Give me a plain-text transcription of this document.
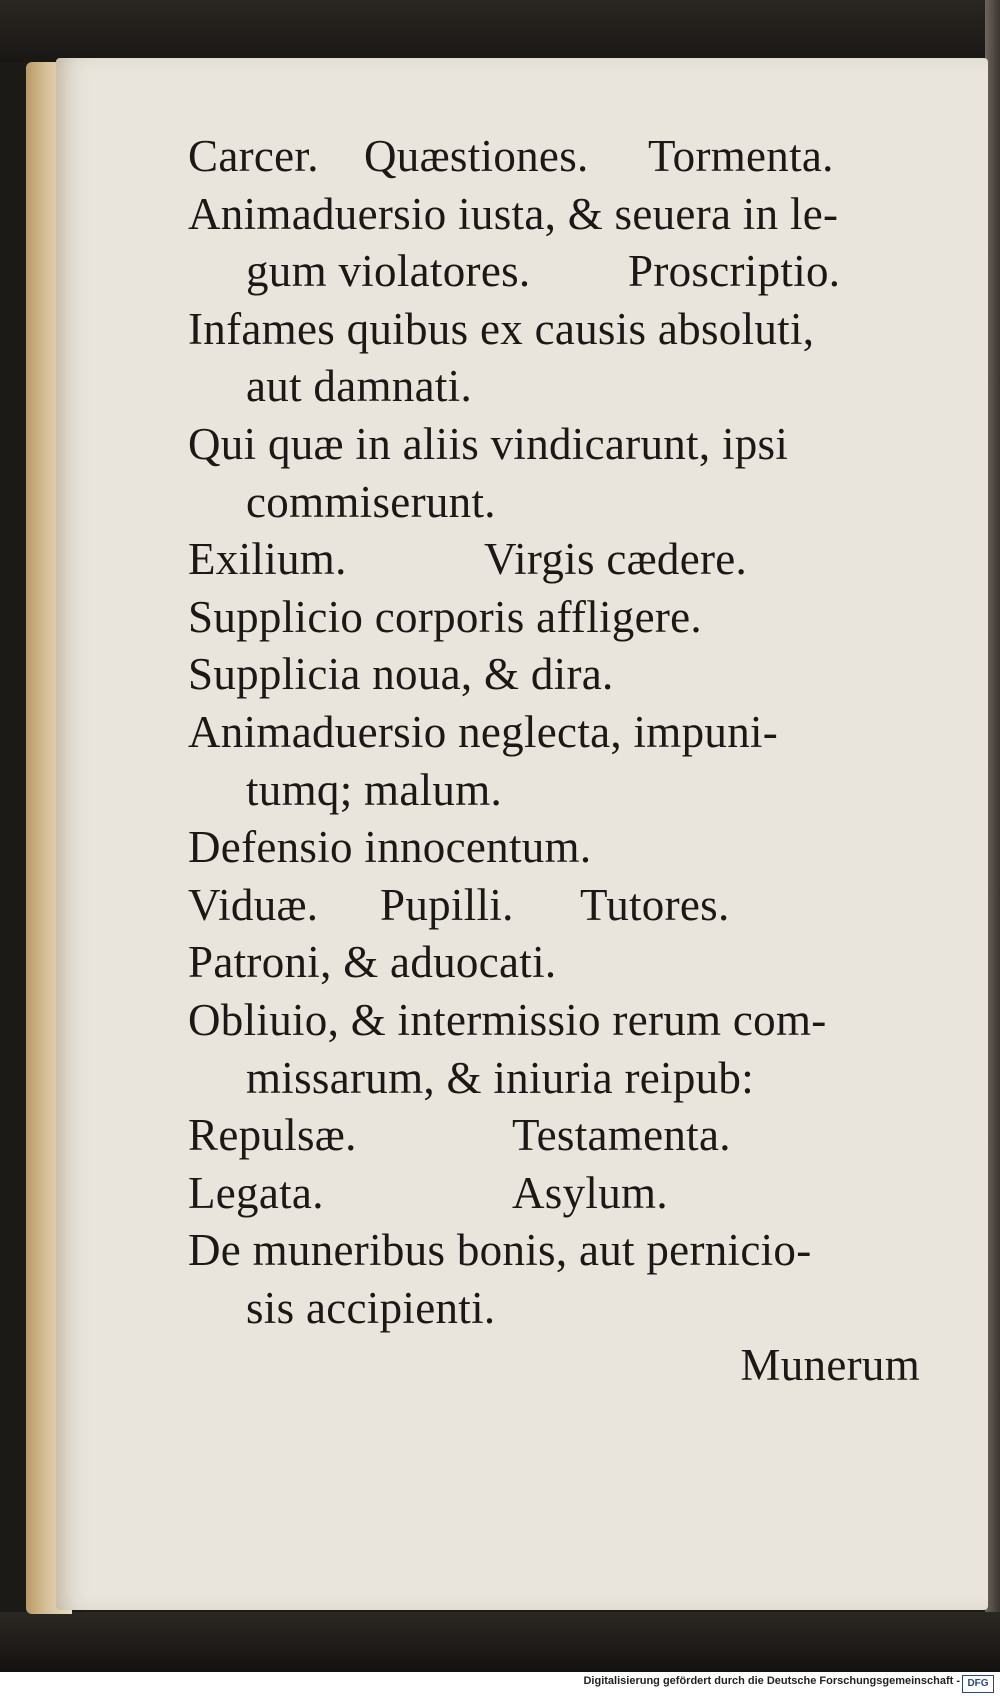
Carcer. Quæstiones. Tormenta.
Animaduersio iusta, & seuera in le-
gum violatores. Proscriptio.
Infames quibus ex causis absoluti,
aut damnati.
Qui quæ in aliis vindicarunt, ipsi
commiserunt.
Exilium.	Virgis cædere.
Supplicio corporis affligere.
Supplicia noua, & dira.
Animaduersio neglecta, impuni-
tumq; malum.
Defensio innocentum.
Viduæ. Pupilli. Tutores.
Patroni, & aduocati.
Obliuio, & intermissio rerum com-
missarum, & iniuria reipub:
Repulsæ.	Testamenta.
Legata.	Asylum.
De muneribus bonis, aut pernicio-
sis accipienti.
Munerum
Digitalisierung gefördert durch die Deutsche Forschungsgemeinschaft - DFG
